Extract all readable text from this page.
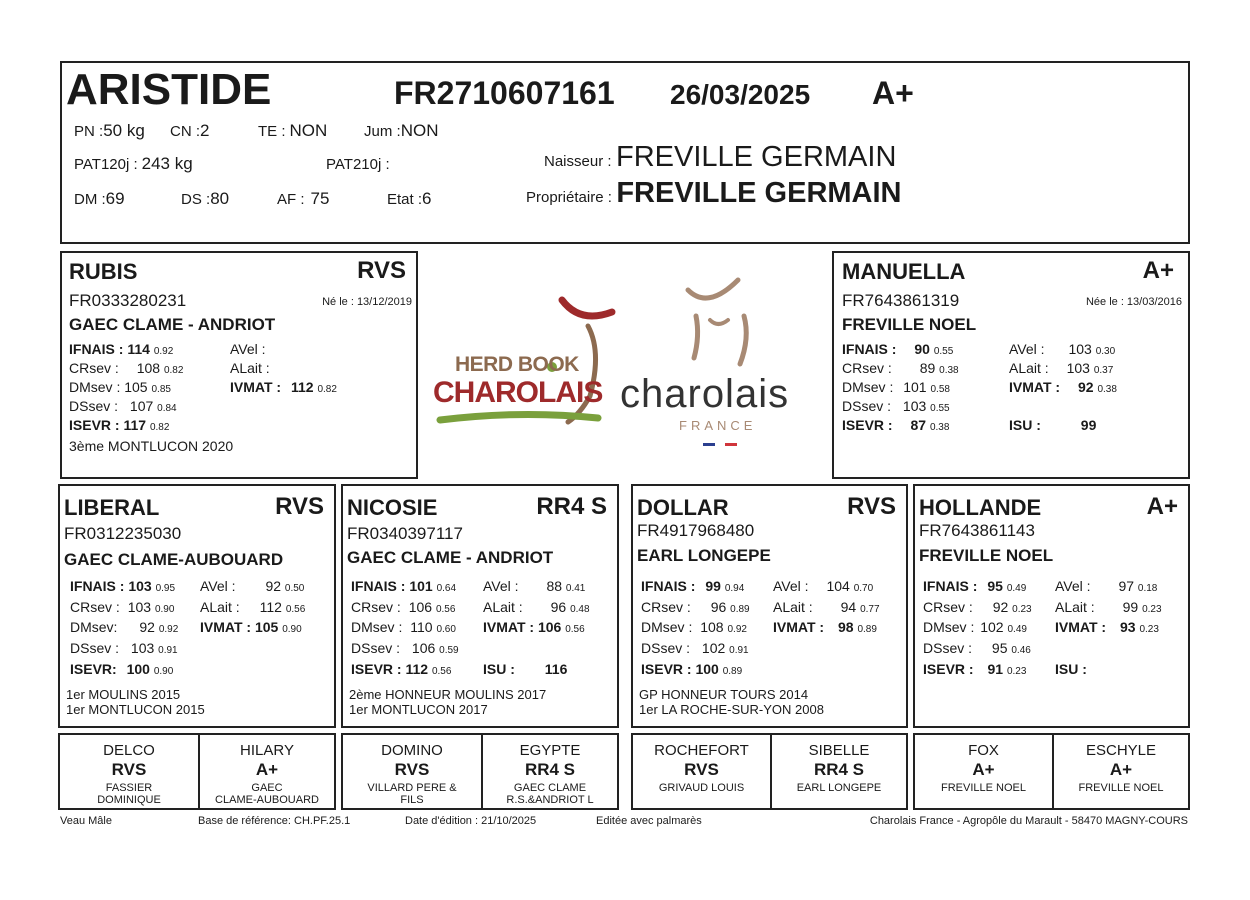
ARISTIDE	FR2710607161 26/03/2025 A+
PN :50 kg CN :2	TE : NON Jum :NON
PAT120j : 243 kg	PAT210j :
DM :69	DS :80	AF : 75	Etat :6
Naisseur : FREVILLE GERMAIN
Propriétaire : FREVILLE GERMAIN
RUBIS	RVS
FR0333280231	Né le : 13/12/2019
GAEC CLAME - ANDRIOT
IFNAIS : 114 0.92
CRsev : 108 0.82
DMsev : 105 0.85
DSsev : 107 0.84
ISEVR : 117 0.82
AVel :
ALait :
IVMAT : 112 0.82
3ème MONTLUCON 2020
HERD BOOK
CHAROLAIS charolais
FRANCE
MANUELLA	A+
FR7643861319	Née le : 13/03/2016
FREVILLE NOEL
IFNAIS : 90 0.55
CRsev : 89 0.38
DMsev : 101 0.58
DSsev : 103 0.55
ISEVR : 87 0.38
AVel : 103 0.30
ALait : 103 0.37
IVMAT : 92 0.38
ISU :	99
LIBERAL	RVS
FR0312235030
GAEC CLAME-AUBOUARD
IFNAIS : 103 0.95
CRsev : 103 0.90
DMsev: 92 0.92
DSsev : 103 0.91
ISEVR: 100 0.90
AVel : 92 0.50
ALait : 112 0.56
IVMAT : 105 0.90
1er MOULINS 2015
1er MONTLUCON 2015
NICOSIE	RR4 S
FR0340397117
GAEC CLAME - ANDRIOT
IFNAIS : 101 0.64
CRsev : 106 0.56
DMsev : 110 0.60
DSsev : 106 0.59
ISEVR : 112 0.56
AVel : 88 0.41
ALait : 96 0.48
IVMAT : 106 0.56
ISU : 116
2ème HONNEUR MOULINS 2017
1er MONTLUCON 2017
DOLLAR	RVS
FR4917968480
EARL LONGEPE
IFNAIS : 99 0.94
CRsev : 96 0.89
DMsev : 108 0.92
DSsev : 102 0.91
ISEVR : 100 0.89
AVel : 104 0.70
ALait : 94 0.77
IVMAT : 98 0.89
GP HONNEUR TOURS 2014
1er LA ROCHE-SUR-YON 2008
HOLLANDE	A+
FR7643861143
FREVILLE NOEL
IFNAIS : 95 0.49
CRsev : 92 0.23
DMsev : 102 0.49
DSsev : 95 0.46
ISEVR : 91 0.23
AVel : 97 0.18
ALait : 99 0.23
IVMAT : 93 0.23
ISU :
DELCO
RVS
FASSIER
DOMINIQUE
HILARY
A+
GAEC
CLAME-AUBOUARD
DOMINO
RVS
VILLARD PERE &
FILS
EGYPTE
RR4 S
GAEC CLAME
R.S.&ANDRIOT L
ROCHEFORT
RVS
GRIVAUD LOUIS
SIBELLE
RR4 S
EARL LONGEPE
FOX
A+
FREVILLE NOEL
ESCHYLE
A+
FREVILLE NOEL
Veau Mâle	Base de référence: CH.PF.25.1	Date d'édition : 21/10/2025	Editée avec palmarès	Charolais France - Agropôle du Marault - 58470 MAGNY-COURS
